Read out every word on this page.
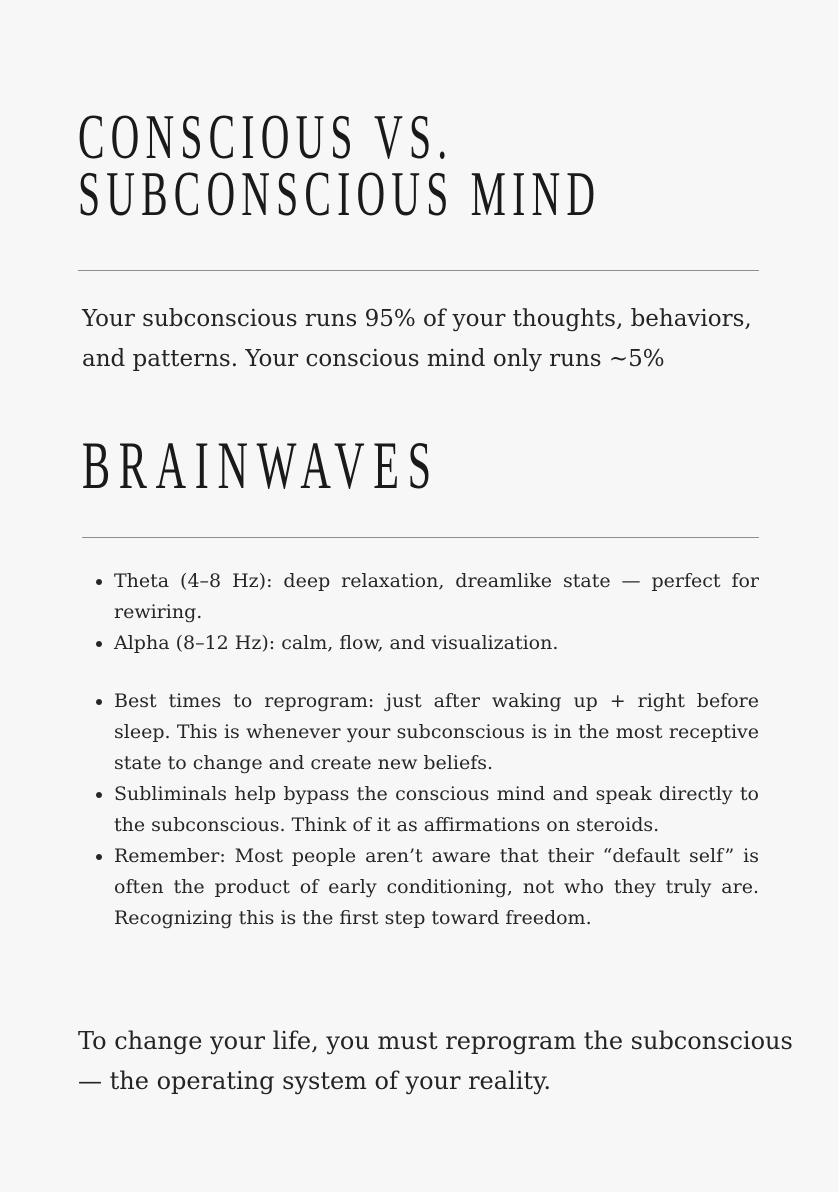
CONSCIOUS VS.
SUBCONSCIOUS MIND

Your subconscious runs 95% of your thoughts, behaviors,
and patterns. Your conscious mind only runs ~5%

BRAINWAVES
Theta (4–8 Hz): deep relaxation, dreamlike state — perfect for rewiring.
Alpha (8–12 Hz): calm, flow, and visualization.
Best times to reprogram: just after waking up + right before sleep. This is whenever your subconscious is in the most receptive state to change and create new beliefs.
Subliminals help bypass the conscious mind and speak directly to the subconscious. Think of it as affirmations on steroids.
Remember: Most people aren’t aware that their “default self” is often the product of early conditioning, not who they truly are. Recognizing this is the first step toward freedom.

To change your life, you must reprogram the subconscious
— the operating system of your reality.
